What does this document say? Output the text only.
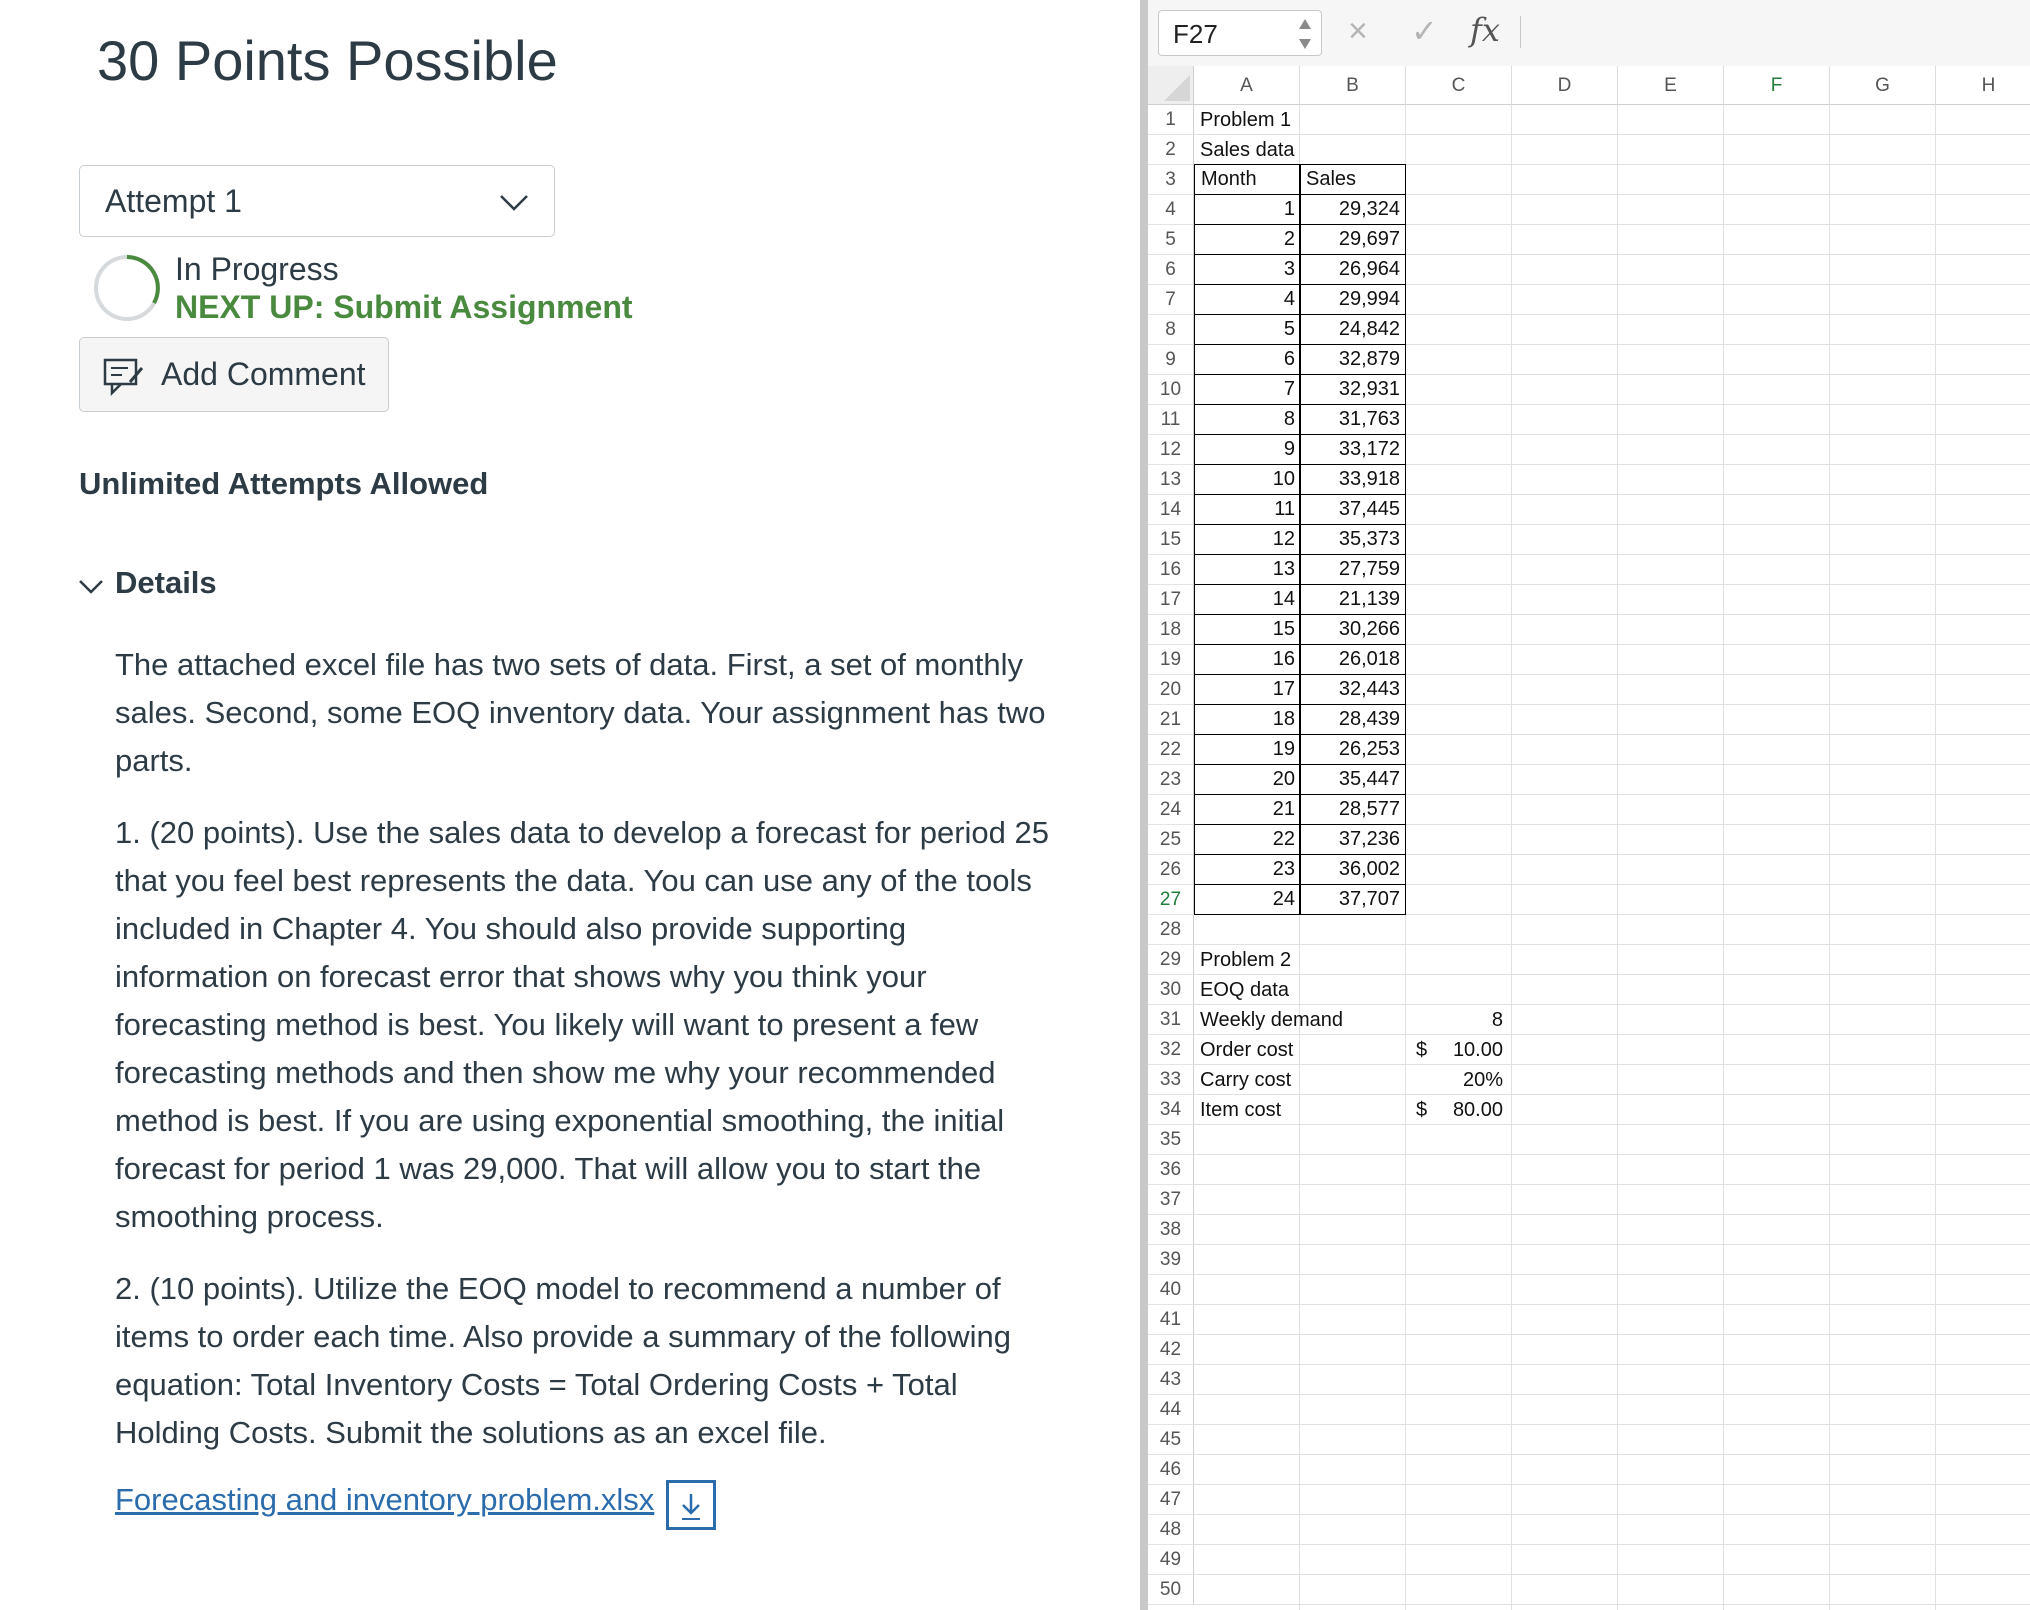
30 Points Possible
Attempt 1
In Progress
NEXT UP: Submit Assignment
Add Comment
Unlimited Attempts Allowed
Details

The attached excel file has two sets of data. First, a set of monthly sales. Second, some EOQ inventory data. Your assignment has two parts.

1. (20 points). Use the sales data to develop a forecast for period 25 that you feel best represents the data. You can use any of the tools included in Chapter 4. You should also provide supporting information on forecast error that shows why you think your forecasting method is best. You likely will want to present a few forecasting methods and then show me why your recommended method is best. If you are using exponential smoothing, the initial forecast for period 1 was 29,000. That will allow you to start the smoothing process.

2. (10 points). Utilize the EOQ model to recommend a number of items to order each time. Also provide a summary of the following equation: Total Inventory Costs = Total Ordering Costs + Total Holding Costs. Submit the solutions as an excel file.

Forecasting and inventory problem.xlsx
F27	× ✓ fx
A	B	C	D	E	F	G	H
1
2
3
4
5
6
7
8
9
10
11
12
13
14
15
16
17
18
19
20
21
22
23
24
25
26
27
28
29
30
31
32
33
34
35
36
37
38
39
40
41
42
43
44
45
46
47
48
49
50
Problem 1
Sales data
Month	Sales
1	29,324
2	29,697
3	26,964
4	29,994
5	24,842
6	32,879
7	32,931
8	31,763
9	33,172
10	33,918
11	37,445
12	35,373
13	27,759
14	21,139
15	30,266
16	26,018
17	32,443
18	28,439
19	26,253
20	35,447
21	28,577
22	37,236
23	36,002
24	37,707
Problem 2
EOQ data
Weekly demand	8
Order cost	$ 10.00
Carry cost	20%
Item cost	$ 80.00
